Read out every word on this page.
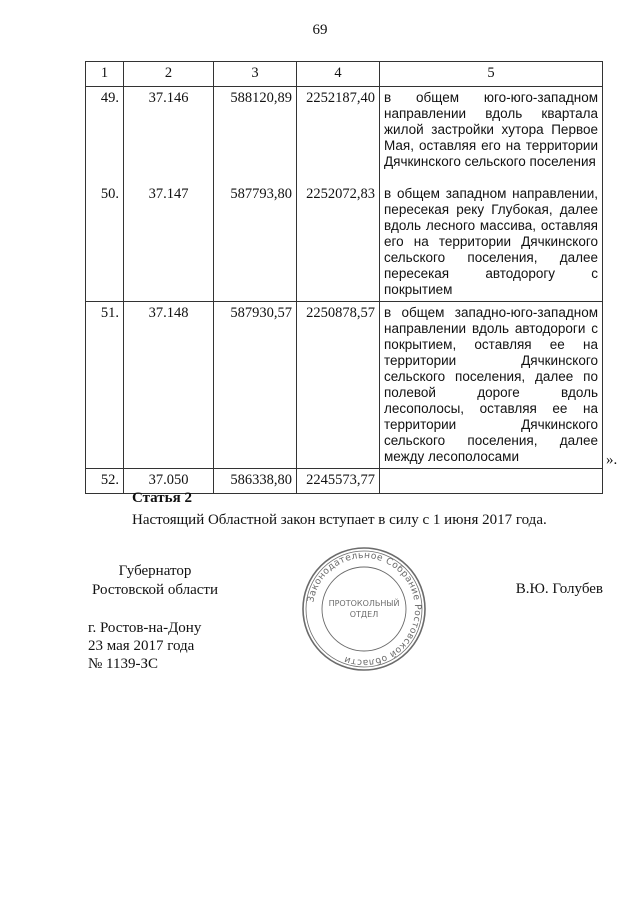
69
1	2	3	4	5
49.	37.146	588120,89	2252187,40	в общем юго-юго-западном направлении вдоль квартала жилой застройки хутора Первое Мая, оставляя его на территории Дячкинского сельского поселения
50.	37.147	587793,80	2252072,83	в общем западном направлении, пересекая реку Глубокая, далее вдоль лесного массива, оставляя его на территории Дячкинского сельского поселения, далее пересекая автодорогу с покрытием
51.	37.148	587930,57	2250878,57	в общем западно-юго-западном направлении вдоль автодороги с покрытием, оставляя ее на территории Дячкинского сельского поселения, далее по полевой дороге вдоль лесополосы, оставляя ее на территории Дячкинского сельского поселения, далее между лесополосами
52.	37.050	586338,80	2245573,77	
».
Статья 2
Настоящий Областной закон вступает в силу с 1 июня 2017 года.
Губернатор
Ростовской области	В.Ю. Голубев
г. Ростов-на-Дону
23 мая 2017 года
№ 1139-ЗС
Законодательное Собрание Ростовской области
ПРОТОКОЛЬНЫЙ
ОТДЕЛ
